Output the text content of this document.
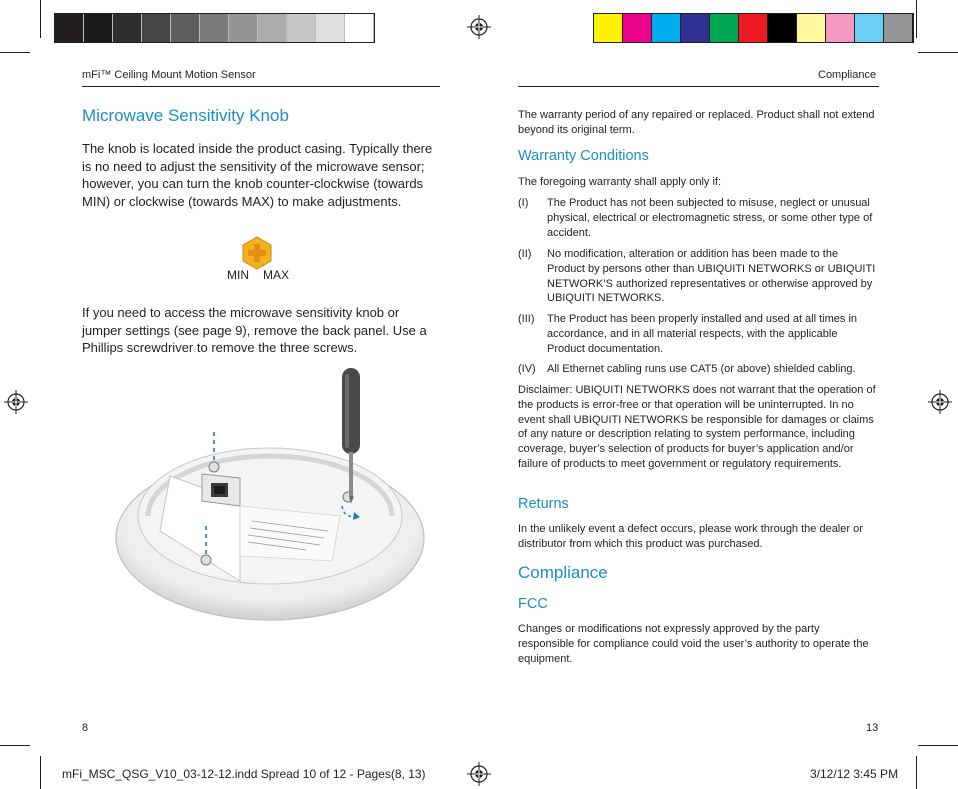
mFi™ Ceiling Mount Motion Sensor
Microwave Sensitivity Knob
The knob is located inside the product casing. Typically there is no need to adjust the sensitivity of the microwave sensor; however, you can turn the knob counter-clockwise (towards MIN) or clockwise (towards MAX) to make adjustments.
MIN MAX
If you need to access the microwave sensitivity knob or jumper settings (see page 9), remove the back panel. Use a Phillips screwdriver to remove the three screws.
8
Compliance
The warranty period of any repaired or replaced. Product shall not extend beyond its original term.
Warranty Conditions
The foregoing warranty shall apply only if:
(I) The Product has not been subjected to misuse, neglect or unusual physical, electrical or electromagnetic stress, or some other type of accident.
(II) No modification, alteration or addition has been made to the Product by persons other than UBIQUITI NETWORKS or UBIQUITI NETWORK’S authorized representatives or otherwise approved by UBIQUITI NETWORKS.
(III) The Product has been properly installed and used at all times in accordance, and in all material respects, with the applicable Product documentation.
(IV) All Ethernet cabling runs use CAT5 (or above) shielded cabling.
Disclaimer: UBIQUITI NETWORKS does not warrant that the operation of the products is error-free or that operation will be uninterrupted. In no event shall UBIQUITI NETWORKS be responsible for damages or claims of any nature or description relating to system performance, including coverage, buyer’s selection of products for buyer’s application and/or failure of products to meet government or regulatory requirements.
Returns
In the unlikely event a defect occurs, please work through the dealer or distributor from which this product was purchased.
Compliance
FCC
Changes or modifications not expressly approved by the party responsible for compliance could void the user’s authority to operate the equipment.
13
mFi_MSC_QSG_V10_03-12-12.indd Spread 10 of 12 - Pages(8, 13)	3/12/12 3:45 PM
